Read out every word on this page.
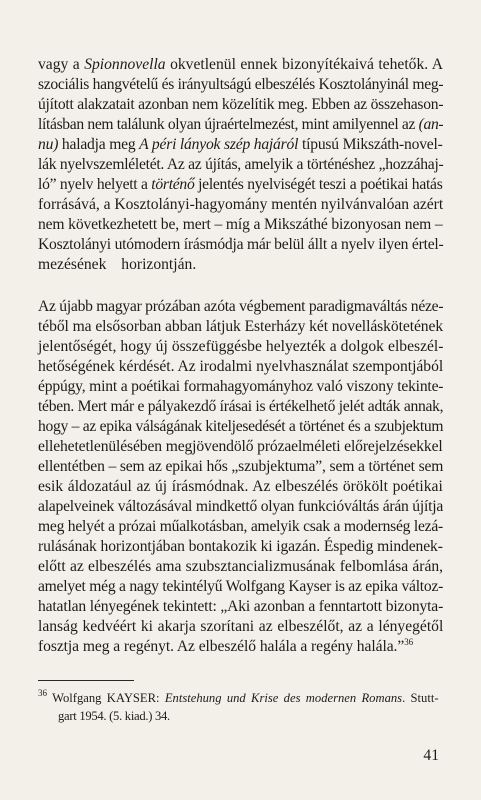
vagy a Spionnovella okvetlenül ennek bizonyítékaivá tehetők. A
szociális hangvételű és irányultságú elbeszélés Kosztolányinál meg-
újított alakzatait azonban nem közelítik meg. Ebben az összehason-
lításban nem találunk olyan újraértelmezést, mint amilyennel az (an-
nu) haladja meg A péri lányok szép hajáról típusú Mikszáth-novel-
lák nyelvszemléletét. Az az újítás, amelyik a történéshez „hozzáhaj-
ló” nyelv helyett a történő jelentés nyelviségét teszi a poétikai hatás
forrásává, a Kosztolányi-hagyomány mentén nyilvánvalóan azért
nem következhetett be, mert – míg a Mikszáthé bizonyosan nem –
Kosztolányi utómodern írásmódja már belül állt a nyelv ilyen értel-
mezésének horizontján.
Az újabb magyar prózában azóta végbement paradigmaváltás néze-
téből ma elsősorban abban látjuk Esterházy két novelláskötetének
jelentőségét, hogy új összefüggésbe helyezték a dolgok elbeszél-
hetőségének kérdését. Az irodalmi nyelvhasználat szempontjából
éppúgy, mint a poétikai formahagyományhoz való viszony tekinte-
tében. Mert már e pályakezdő írásai is értékelhető jelét adták annak,
hogy – az epika válságának kiteljesedését a történet és a szubjektum
ellehetetlenülésében megjövendölő prózaelméleti előrejelzésekkel
ellentétben – sem az epikai hős „szubjektuma”, sem a történet sem
esik áldozatául az új írásmódnak. Az elbeszélés örökölt poétikai
alapelveinek változásával mindkettő olyan funkcióváltás árán újítja
meg helyét a prózai műalkotásban, amelyik csak a modernség lezá-
rulásának horizontjában bontakozik ki igazán. Éspedig mindenek-
előtt az elbeszélés ama szubsztancializmusának felbomlása árán,
amelyet még a nagy tekintélyű Wolfgang Kayser is az epika változ-
hatatlan lényegének tekintett: „Aki azonban a fenntartott bizonyta-
lanság kedvéért ki akarja szorítani az elbeszélőt, az a lényegétől
fosztja meg a regényt. Az elbeszélő halála a regény halála.”$^{36}$
$^{36}$ Wolfgang KAYSER: Entstehung und Krise des modernen Romans. Stutt-
gart 1954. (5. kiad.) 34.
41
